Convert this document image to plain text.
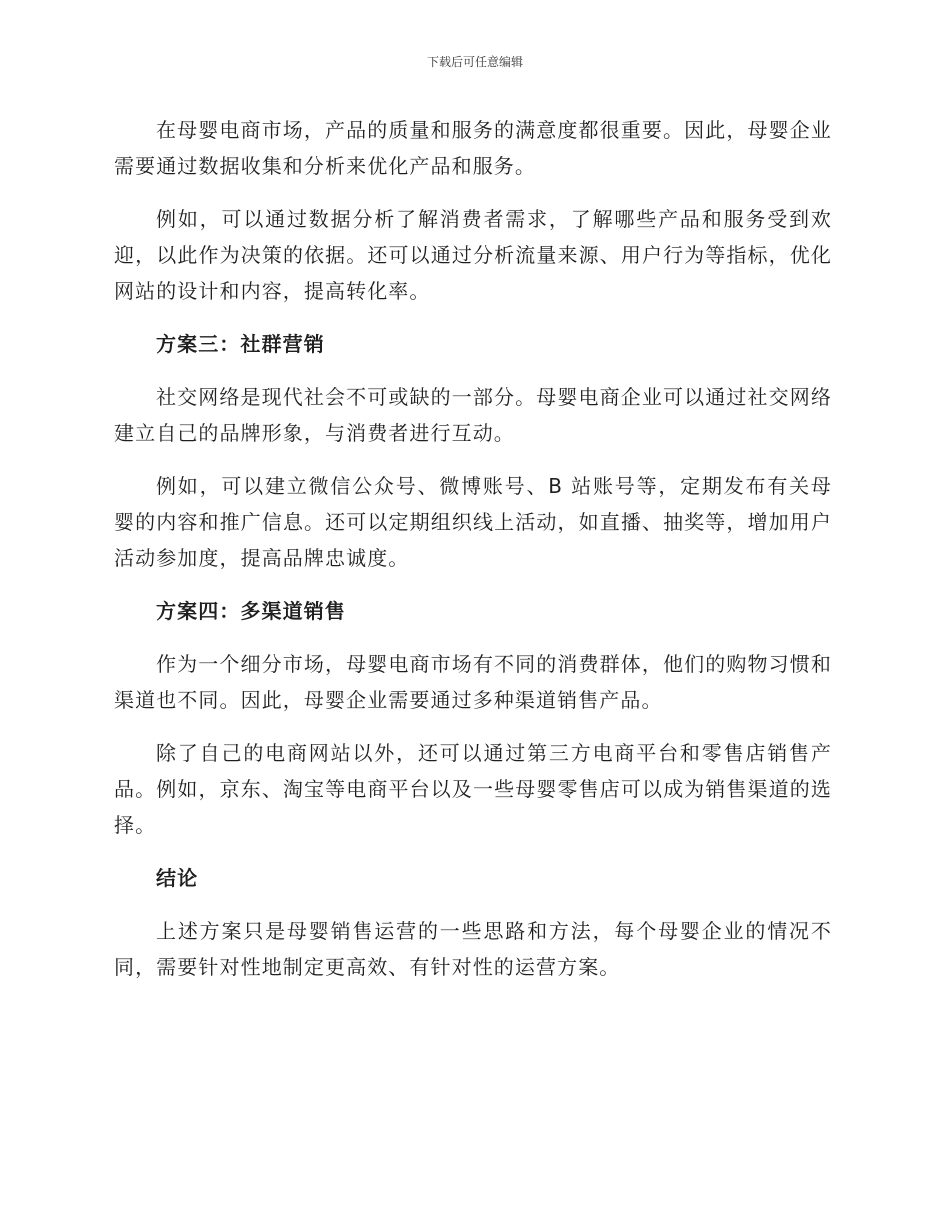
下载后可任意编辑

在母婴电商市场，产品的质量和服务的满意度都很重要。因此，母婴企业需要通过数据收集和分析来优化产品和服务。

例如，可以通过数据分析了解消费者需求，了解哪些产品和服务受到欢迎，以此作为决策的依据。还可以通过分析流量来源、用户行为等指标，优化网站的设计和内容，提高转化率。

方案三：社群营销

社交网络是现代社会不可或缺的一部分。母婴电商企业可以通过社交网络建立自己的品牌形象，与消费者进行互动。

例如，可以建立微信公众号、微博账号、B 站账号等，定期发布有关母婴的内容和推广信息。还可以定期组织线上活动，如直播、抽奖等，增加用户活动参加度，提高品牌忠诚度。

方案四：多渠道销售

作为一个细分市场，母婴电商市场有不同的消费群体，他们的购物习惯和渠道也不同。因此，母婴企业需要通过多种渠道销售产品。

除了自己的电商网站以外，还可以通过第三方电商平台和零售店销售产品。例如，京东、淘宝等电商平台以及一些母婴零售店可以成为销售渠道的选择。

结论

上述方案只是母婴销售运营的一些思路和方法，每个母婴企业的情况不同，需要针对性地制定更高效、有针对性的运营方案。
